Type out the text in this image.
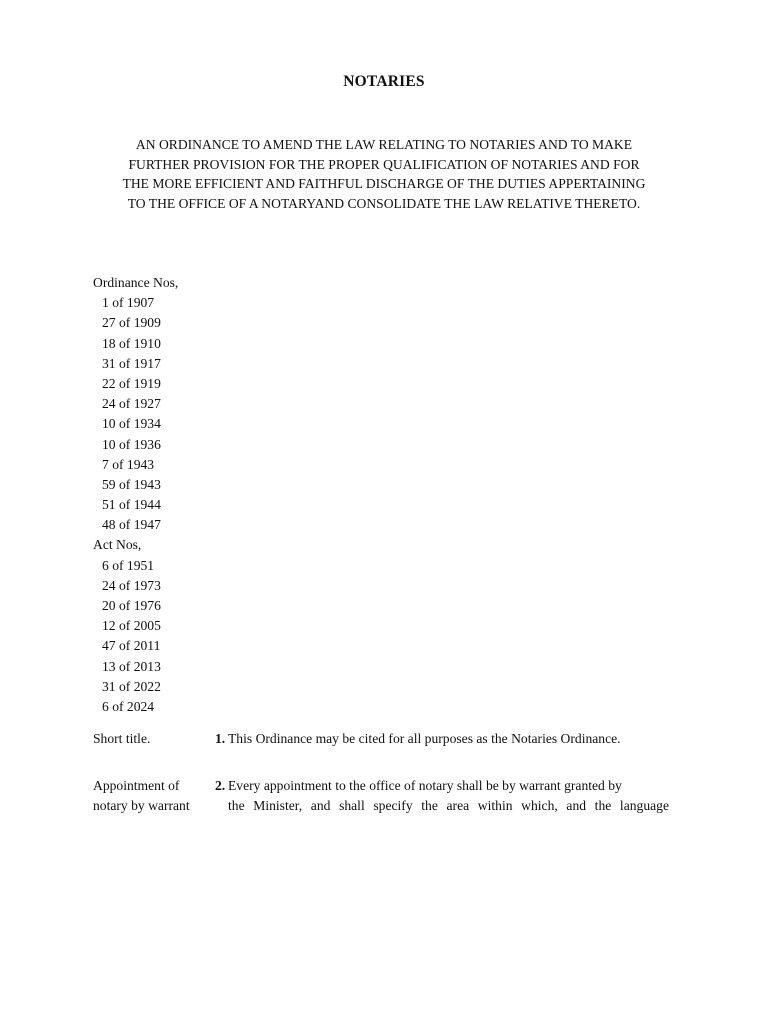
NOTARIES
AN ORDINANCE TO AMEND THE LAW RELATING TO NOTARIES AND TO MAKE
FURTHER PROVISION FOR THE PROPER QUALIFICATION OF NOTARIES AND FOR
THE MORE EFFICIENT AND FAITHFUL DISCHARGE OF THE DUTIES APPERTAINING
TO THE OFFICE OF A NOTARYAND CONSOLIDATE THE LAW RELATIVE THERETO.
Ordinance Nos,
1 of 1907
27 of 1909
18 of 1910
31 of 1917
22 of 1919
24 of 1927
10 of 1934
10 of 1936
7 of 1943
59 of 1943
51 of 1944
48 of 1947
Act Nos,
6 of 1951
24 of 1973
20 of 1976
12 of 2005
47 of 2011
13 of 2013
31 of 2022
6 of 2024
Short title.	1. This Ordinance may be cited for all purposes as the Notaries Ordinance.
Appointment of
notary by warrant
2. Every appointment to the office of notary shall be by warrant granted by
the Minister, and shall specify the area within which, and the language
